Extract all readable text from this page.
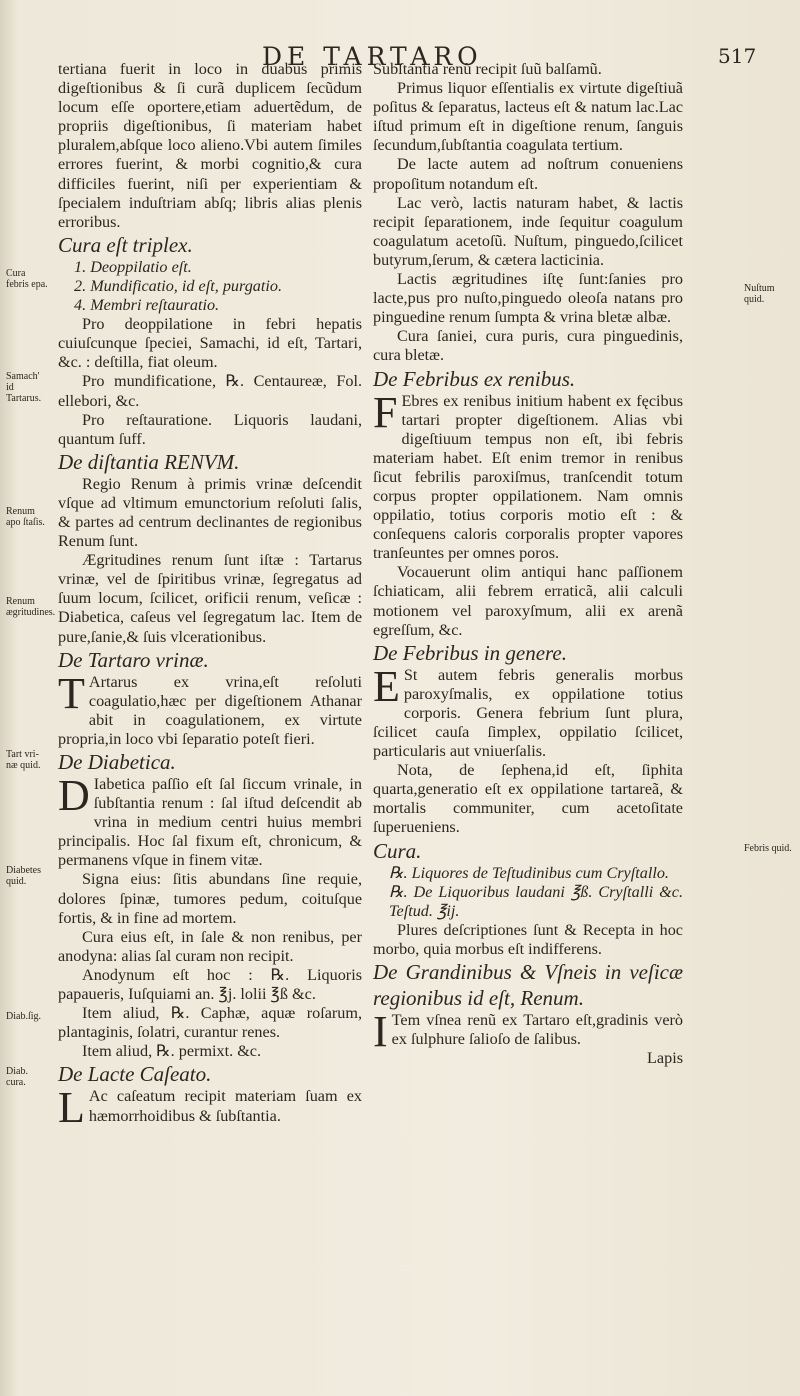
DE TARTARO	517
Cura febris epa.
Samach' id Tartarus.
Renum apo ſtaſis.
Renum ægritudines.
Tart vri- næ quid.
Diabetes quid.
Diab.ſig.
Diab. cura.
Nuſtum quid.
Febris quid.

tertiana fuerit in loco in duabus primis digeſtionibus & ſi curã duplicem ſecũdum locum eſſe oportere,etiam aduertẽdum, de propriis digeſtionibus, ſi materiam habet pluralem,abſque loco alieno.Vbi autem ſimiles errores fuerint, & morbi cognitio,& cura difficiles fuerint, niſi per experientiam & ſpecialem induſtriam abſq; libris alias plenis erroribus.

Cura eſt triplex.

1. Deoppilatio eſt.

2. Mundificatio, id eſt, purgatio.

4. Membri reſtauratio.

Pro deoppilatione in febri hepatis cuiuſcunque ſpeciei, Samachi, id eſt, Tartari, &c. : deſtilla, fiat oleum.

Pro mundificatione, ℞. Centaureæ, Fol. ellebori, &c.

Pro reſtauratione. Liquoris laudani, quantum ſuff.

De diſtantia RENVM.

Regio Renum à primis vrinæ deſcendit vſque ad vltimum emunctorium reſoluti ſalis, & partes ad centrum declinantes de regionibus Renum ſunt.

Ægritudines renum ſunt iſtæ : Tartarus vrinæ, vel de ſpiritibus vrinæ, ſegregatus ad ſuum locum, ſcilicet, orificii renum, veſicæ : Diabetica, caſeus vel ſegregatum lac. Item de pure,ſanie,& ſuis vlcerationibus.

De Tartaro vrinæ.

T Artarus ex vrina,eſt reſoluti coagulatio,hæc per digeſtionem Athanar abit in coagulationem, ex virtute propria,in loco vbi ſeparatio poteſt fieri.

De Diabetica.

D Iabetica paſſio eſt ſal ſiccum vrinale, in ſubſtantia renum : ſal iſtud deſcendit ab vrina in medium centri huius membri principalis. Hoc ſal fixum eſt, chronicum, & permanens vſque in finem vitæ.

Signa eius: ſitis abundans ſine requie, dolores ſpinæ, tumores pedum, coituſque fortis, & in fine ad mortem.

Cura eius eſt, in ſale & non renibus, per anodyna: alias ſal curam non recipit.

Anodynum eſt hoc : ℞. Liquoris papaueris, Iuſquiami an. ℥j. lolii ℥ß &c.

Item aliud, ℞. Caphæ, aquæ roſarum, plantaginis, ſolatri, curantur renes.

Item aliud, ℞. permixt. &c.

De Lacte Caſeato.

L Ac caſeatum recipit materiam ſuam ex hæmorrhoidibus & ſubſtantia.

Subſtantia renũ recipit ſuũ balſamũ.

Primus liquor eſſentialis ex virtute digeſtiuã poſitus & ſeparatus, lacteus eſt & natum lac.Lac iſtud primum eſt in digeſtione renum, ſanguis ſecundum,ſubſtantia coagulata tertium.

De lacte autem ad noſtrum conueniens propoſitum notandum eſt.

Lac verò, lactis naturam habet, & lactis recipit ſeparationem, inde ſequitur coagulum coagulatum acetoſũ. Nuſtum, pinguedo,ſcilicet butyrum,ſerum, & cætera lacticinia.

Lactis ægritudines iſtę ſunt:ſanies pro lacte,pus pro nuſto,pinguedo oleoſa natans pro pinguedine renum ſumpta & vrina bletæ albæ.

Cura ſaniei, cura puris, cura pinguedinis, cura bletæ.

De Febribus ex renibus.

F Ebres ex renibus initium habent ex fęcibus tartari propter digeſtionem. Alias vbi digeſtiuum tempus non eſt, ibi febris materiam habet. Eſt enim tremor in renibus ſicut febrilis paroxiſmus, tranſcendit totum corpus propter oppilationem. Nam omnis oppilatio, totius corporis motio eſt : & conſequens caloris corporalis propter vapores tranſeuntes per omnes poros.

Vocauerunt olim antiqui hanc paſſionem ſchiaticam, alii febrem erraticã, alii calculi motionem vel paroxyſmum, alii ex arenã egreſſum, &c.

De Febribus in genere.

E St autem febris generalis morbus paroxyſmalis, ex oppilatione totius corporis. Genera febrium ſunt plura, ſcilicet cauſa ſimplex, oppilatio ſcilicet, particularis aut vniuerſalis.

Nota, de ſephena,id eſt, ſiphita quarta,generatio eſt ex oppilatione tartareã, & mortalis communiter, cum acetoſitate ſuperueniens.

Cura.

℞. Liquores de Teſtudinibus cum Cryſtallo.

℞. De Liquoribus laudani ℥ß. Cryſtalli &c. Teſtud. ℥ij.

Plures deſcriptiones ſunt & Recepta in hoc morbo, quia morbus eſt indifferens.

De Grandinibus & Vſneis in veſicæ regionibus id eſt, Renum.

I Tem vſnea renũ ex Tartaro eſt,gradinis verò ex ſulphure ſalioſo de ſalibus.

Lapis
